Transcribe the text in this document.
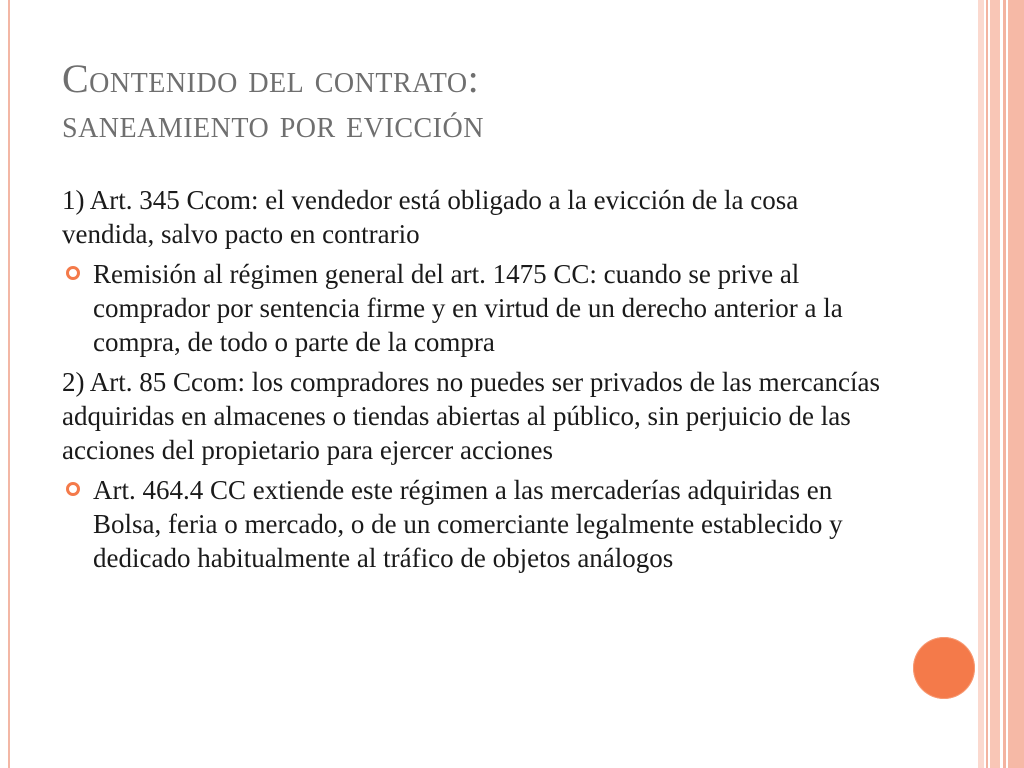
Contenido del contrato:
saneamiento por evicción
1) Art. 345 Ccom: el vendedor está obligado a la evicción de la cosa vendida, salvo pacto en contrario
Remisión al régimen general del art. 1475 CC: cuando se prive al comprador por sentencia firme y en virtud de un derecho anterior a la compra, de todo o parte de la compra
2) Art. 85 Ccom: los compradores no puedes ser privados de las mercancías adquiridas en almacenes o tiendas abiertas al público, sin perjuicio de las acciones del propietario para ejercer acciones
Art. 464.4 CC extiende este régimen a las mercaderías adquiridas en Bolsa, feria o mercado, o de un comerciante legalmente establecido y dedicado habitualmente al tráfico de objetos análogos
